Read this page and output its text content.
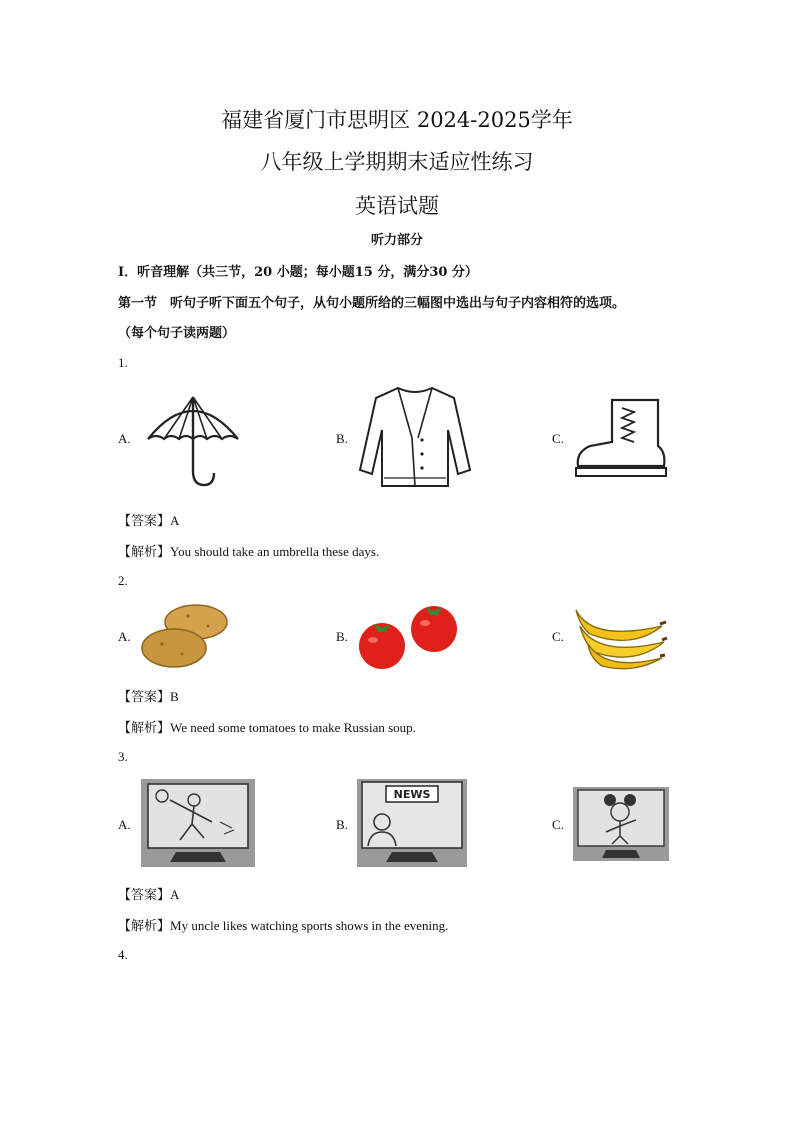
福建省厦门市思明区 2024-2025学年
八年级上学期期末适应性练习
英语试题
听力部分
I．听音理解（共三节，20 小题；每小题15 分，满分30 分）
第一节　听句子听下面五个句子，从句小题所给的三幅图中选出与句子内容相符的选项。
（每个句子读两题）
1.
A.	B.	C.
【答案】A
【解析】You should take an umbrella these days.
2.
A.	B.	C.
【答案】B
【解析】We need some tomatoes to make Russian soup.
3.
A.	B.
NEWS
C.
【答案】A
【解析】My uncle likes watching sports shows in the evening.
4.
